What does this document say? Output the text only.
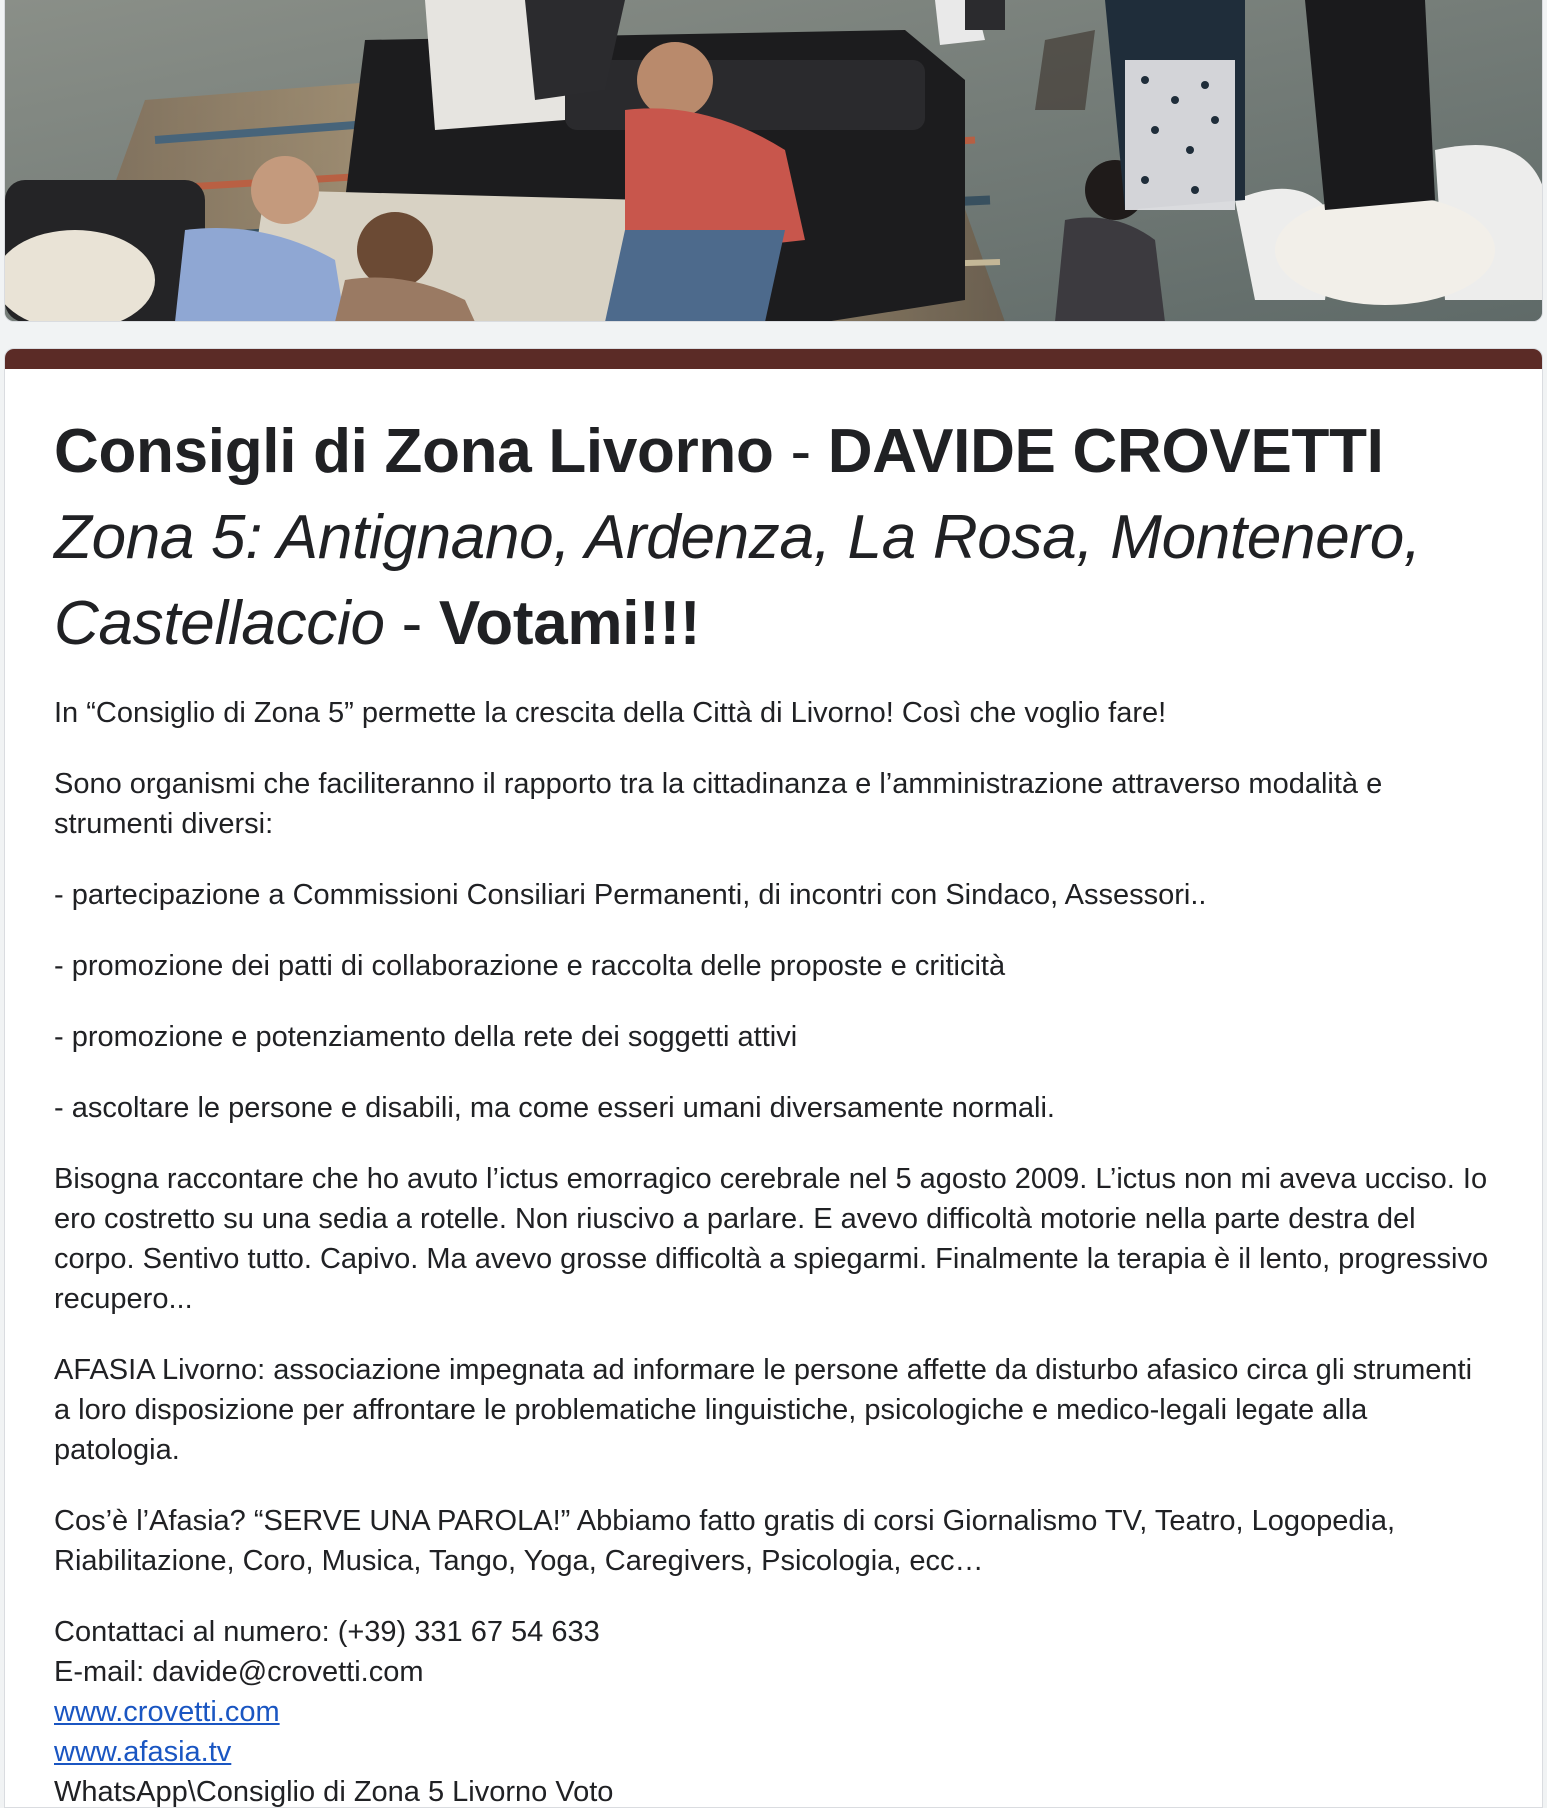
Consigli di Zona Livorno - DAVIDE CROVETTI
Zona 5: Antignano, Ardenza, La Rosa, Montenero, Castellaccio - Votami!!!

In “Consiglio di Zona 5” permette la crescita della Città di Livorno! Così che voglio fare!

Sono organismi che faciliteranno il rapporto tra la cittadinanza e l’amministrazione attraverso modalità e strumenti diversi:

- partecipazione a Commissioni Consiliari Permanenti, di incontri con Sindaco, Assessori..

- promozione dei patti di collaborazione e raccolta delle proposte e criticità

- promozione e potenziamento della rete dei soggetti attivi

- ascoltare le persone e disabili, ma come esseri umani diversamente normali.

Bisogna raccontare che ho avuto l’ictus emorragico cerebrale nel 5 agosto 2009. L’ictus non mi aveva ucciso. Io ero costretto su una sedia a rotelle. Non riuscivo a parlare. E avevo difficoltà motorie nella parte destra del corpo. Sentivo tutto. Capivo. Ma avevo grosse difficoltà a spiegarmi. Finalmente la terapia è il lento, progressivo recupero...

AFASIA Livorno: associazione impegnata ad informare le persone affette da disturbo afasico circa gli strumenti a loro disposizione per affrontare le problematiche linguistiche, psicologiche e medico-legali legate alla patologia.

Cos’è l’Afasia? “SERVE UNA PAROLA!” Abbiamo fatto gratis di corsi Giornalismo TV, Teatro, Logopedia, Riabilitazione, Coro, Musica, Tango, Yoga, Caregivers, Psicologia, ecc…

Contattaci al numero: (+39) 331 67 54 633
E-mail: davide@crovetti.com
www.crovetti.com
www.afasia.tv
WhatsApp\Consiglio di Zona 5 Livorno Voto
